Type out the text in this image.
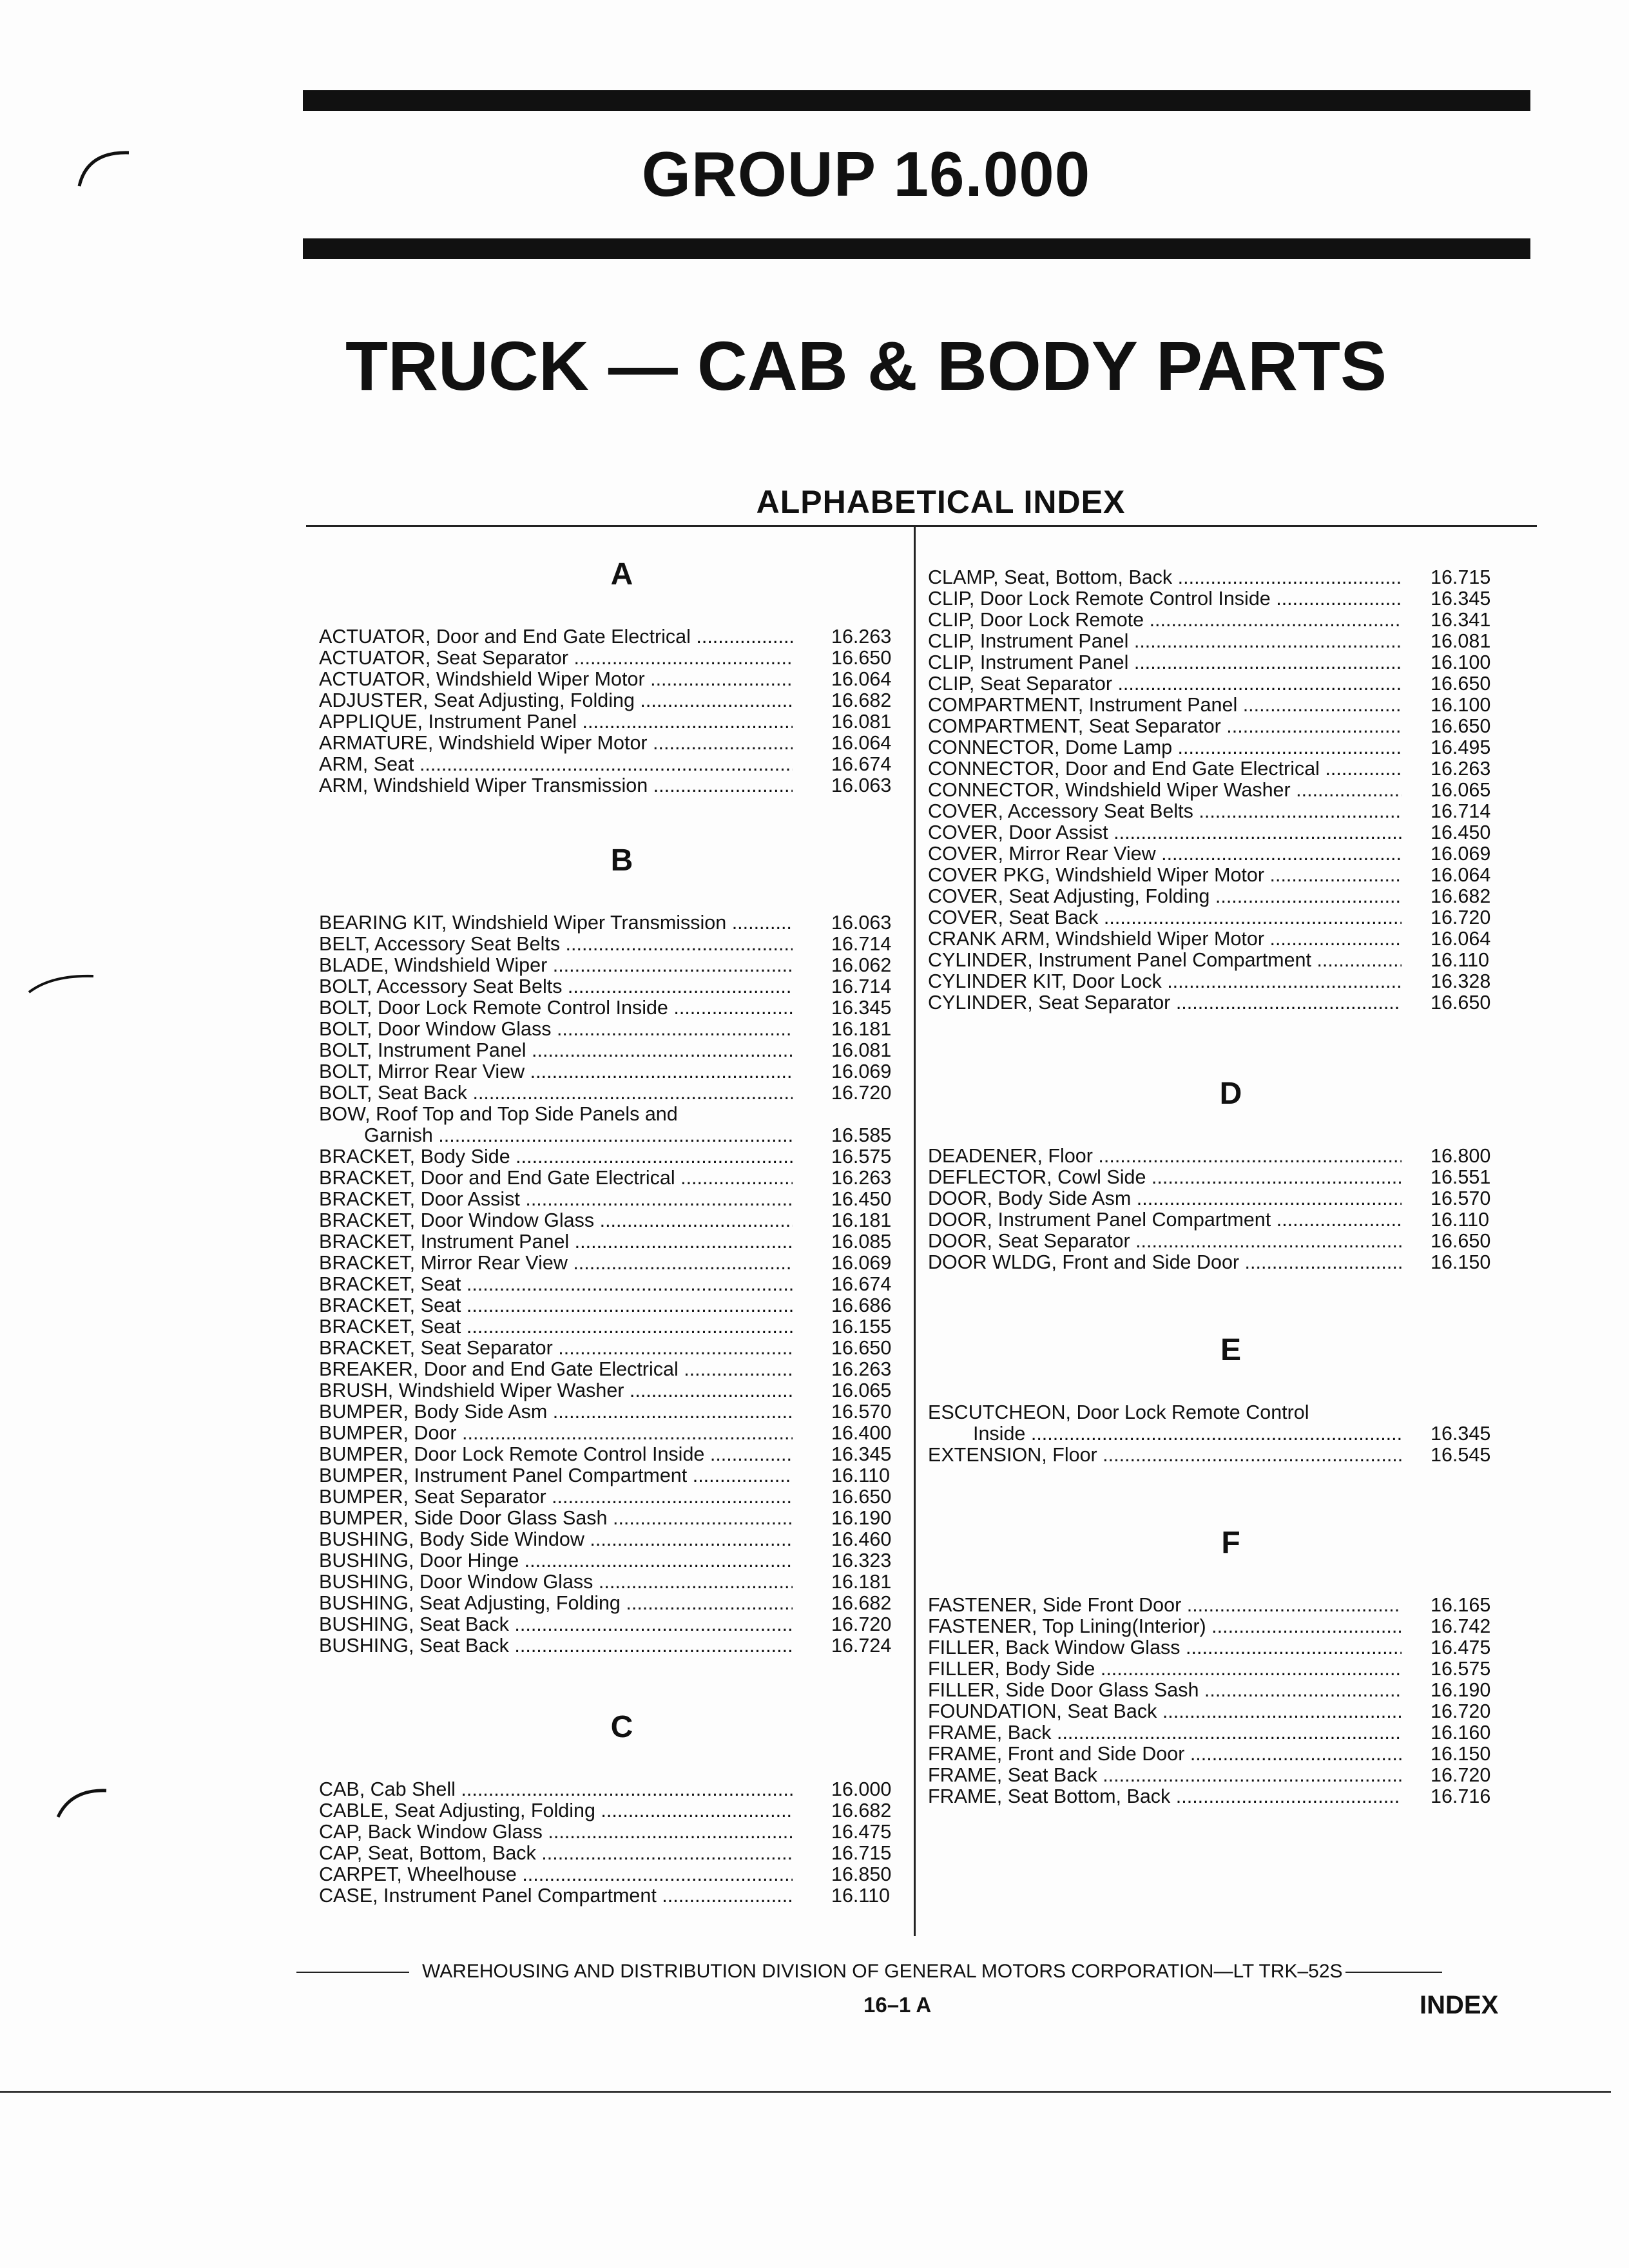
GROUP 16.000
TRUCK — CAB & BODY PARTS
ALPHABETICAL INDEX
A
ACTUATOR, Door and End Gate Electrical .....	16.263
ACTUATOR, Seat Separator .....	16.650
ACTUATOR, Windshield Wiper Motor .....	16.064
ADJUSTER, Seat Adjusting, Folding .....	16.682
APPLIQUE, Instrument Panel .....	16.081
ARMATURE, Windshield Wiper Motor .....	16.064
ARM, Seat .....	16.674
ARM, Windshield Wiper Transmission .....	16.063
B
BEARING KIT, Windshield Wiper Transmission .....	16.063
BELT, Accessory Seat Belts .....	16.714
BLADE, Windshield Wiper .....	16.062
BOLT, Accessory Seat Belts .....	16.714
BOLT, Door Lock Remote Control Inside .....	16.345
BOLT, Door Window Glass .....	16.181
BOLT, Instrument Panel .....	16.081
BOLT, Mirror Rear View .....	16.069
BOLT, Seat Back .....	16.720
BOW, Roof Top and Top Side Panels and
Garnish .....	16.585
BRACKET, Body Side .....	16.575
BRACKET, Door and End Gate Electrical .....	16.263
BRACKET, Door Assist .....	16.450
BRACKET, Door Window Glass .....	16.181
BRACKET, Instrument Panel .....	16.085
BRACKET, Mirror Rear View .....	16.069
BRACKET, Seat .....	16.674
BRACKET, Seat .....	16.686
BRACKET, Seat .....	16.155
BRACKET, Seat Separator .....	16.650
BREAKER, Door and End Gate Electrical .....	16.263
BRUSH, Windshield Wiper Washer .....	16.065
BUMPER, Body Side Asm .....	16.570
BUMPER, Door .....	16.400
BUMPER, Door Lock Remote Control Inside .....	16.345
BUMPER, Instrument Panel Compartment .....	16.110
BUMPER, Seat Separator .....	16.650
BUMPER, Side Door Glass Sash .....	16.190
BUSHING, Body Side Window .....	16.460
BUSHING, Door Hinge .....	16.323
BUSHING, Door Window Glass .....	16.181
BUSHING, Seat Adjusting, Folding .....	16.682
BUSHING, Seat Back .....	16.720
BUSHING, Seat Back .....	16.724
C
CAB, Cab Shell .....	16.000
CABLE, Seat Adjusting, Folding .....	16.682
CAP, Back Window Glass .....	16.475
CAP, Seat, Bottom, Back .....	16.715
CARPET, Wheelhouse .....	16.850
CASE, Instrument Panel Compartment .....	16.110
CLAMP, Seat, Bottom, Back .....	16.715
CLIP, Door Lock Remote Control Inside .....	16.345
CLIP, Door Lock Remote .....	16.341
CLIP, Instrument Panel .....	16.081
CLIP, Instrument Panel .....	16.100
CLIP, Seat Separator .....	16.650
COMPARTMENT, Instrument Panel .....	16.100
COMPARTMENT, Seat Separator .....	16.650
CONNECTOR, Dome Lamp .....	16.495
CONNECTOR, Door and End Gate Electrical .....	16.263
CONNECTOR, Windshield Wiper Washer .....	16.065
COVER, Accessory Seat Belts .....	16.714
COVER, Door Assist .....	16.450
COVER, Mirror Rear View .....	16.069
COVER PKG, Windshield Wiper Motor .....	16.064
COVER, Seat Adjusting, Folding .....	16.682
COVER, Seat Back .....	16.720
CRANK ARM, Windshield Wiper Motor .....	16.064
CYLINDER, Instrument Panel Compartment .....	16.110
CYLINDER KIT, Door Lock .....	16.328
CYLINDER, Seat Separator .....	16.650
D
DEADENER, Floor .....	16.800
DEFLECTOR, Cowl Side .....	16.551
DOOR, Body Side Asm .....	16.570
DOOR, Instrument Panel Compartment .....	16.110
DOOR, Seat Separator .....	16.650
DOOR WLDG, Front and Side Door .....	16.150
E
ESCUTCHEON, Door Lock Remote Control
Inside .....	16.345
EXTENSION, Floor .....	16.545
F
FASTENER, Side Front Door .....	16.165
FASTENER, Top Lining(Interior) .....	16.742
FILLER, Back Window Glass .....	16.475
FILLER, Body Side .....	16.575
FILLER, Side Door Glass Sash .....	16.190
FOUNDATION, Seat Back .....	16.720
FRAME, Back .....	16.160
FRAME, Front and Side Door .....	16.150
FRAME, Seat Back .....	16.720
FRAME, Seat Bottom, Back .....	16.716
WAREHOUSING AND DISTRIBUTION DIVISION OF GENERAL MOTORS CORPORATION—LT TRK–52S
16–1 A	INDEX
